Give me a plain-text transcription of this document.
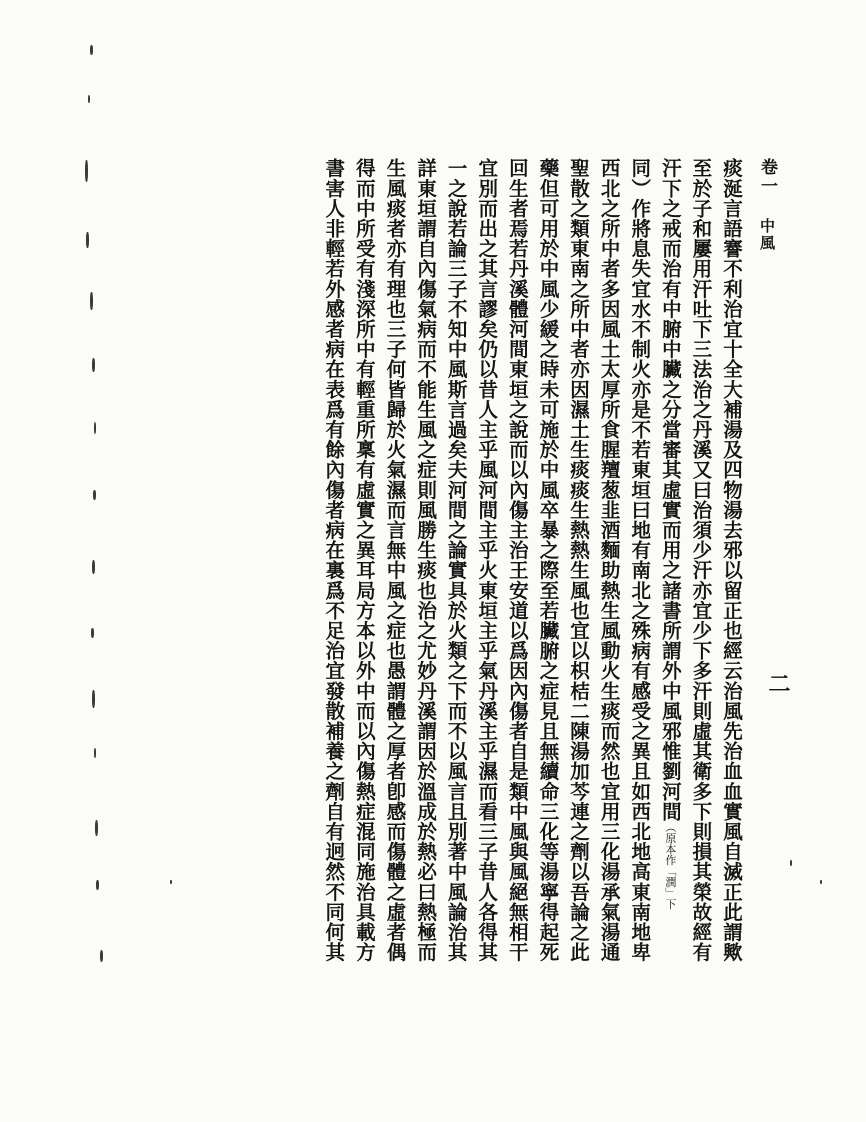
卷一 中風
二
痰涎言語謇不利治宜十全大補湯及四物湯去邪以留正也經云治風先治血血實風自滅正此謂歟
至於子和屢用汗吐下三法治之丹溪又曰治須少汗亦宜少下多汗則虛其衛多下則損其榮故經有
汗下之戒而治有中腑中臟之分當審其虛實而用之諸書所謂外中風邪惟劉河間（原本作「潤」下
同）作將息失宜水不制火亦是不若東垣曰地有南北之殊病有感受之異且如西北地高東南地卑
西北之所中者多因風土太厚所食腥羶葱韭酒麵助熱生風動火生痰而然也宜用三化湯承氣湯通
聖散之類東南之所中者亦因濕土生痰痰生熱熱生風也宜以枳桔二陳湯加芩連之劑以吾論之此
藥但可用於中風少緩之時未可施於中風卒暴之際至若臟腑之症見且無續命三化等湯寧得起死
回生者焉若丹溪體河間東垣之說而以內傷主治王安道以爲因內傷者自是類中風與風絕無相干
宜別而出之其言謬矣仍以昔人主乎風河間主乎火東垣主乎氣丹溪主乎濕而看三子昔人各得其
一之說若論三子不知中風斯言過矣夫河間之論實具於火類之下而不以風言且別著中風論治其
詳東垣謂自內傷氣病而不能生風之症則風勝生痰也治之尤妙丹溪謂因於溫成於熱必曰熱極而
生風痰者亦有理也三子何皆歸於火氣濕而言無中風之症也愚謂體之厚者卽感而傷體之虛者偶
得而中所受有淺深所中有輕重所稟有虛實之異耳局方本以外中而以內傷熱症混同施治具載方
書害人非輕若外感者病在表爲有餘內傷者病在裏爲不足治宜發散補養之劑自有迥然不同何其
